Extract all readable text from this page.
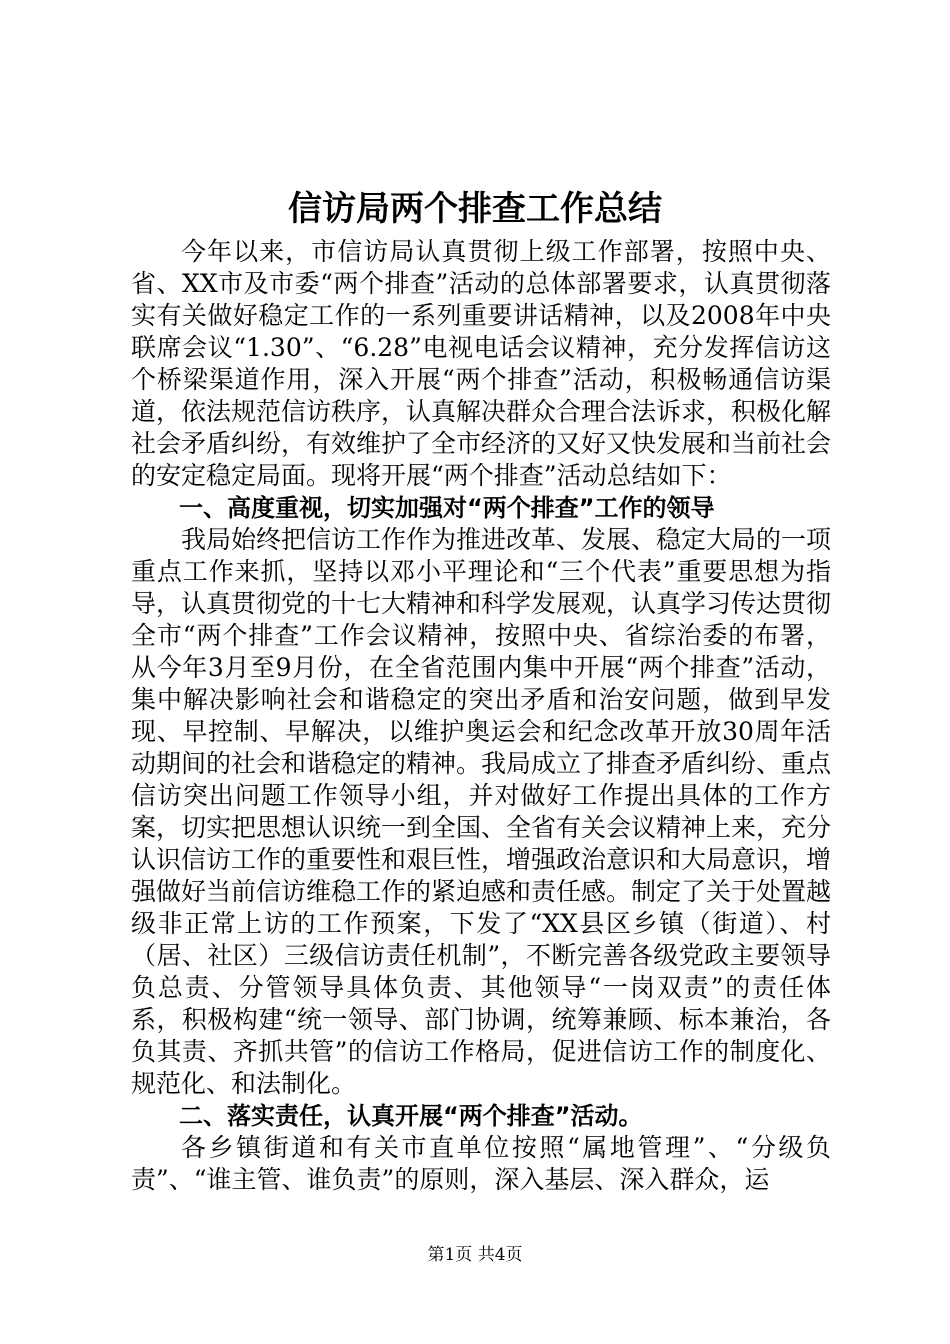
信访局两个排查工作总结

今年以来，市信访局认真贯彻上级工作部署，按照中央、省、XX市及市委“两个排查”活动的总体部署要求，认真贯彻落实有关做好稳定工作的一系列重要讲话精神，以及2008年中央联席会议“1.30”、“6.28”电视电话会议精神，充分发挥信访这个桥梁渠道作用，深入开展“两个排查”活动，积极畅通信访渠道，依法规范信访秩序，认真解决群众合理合法诉求，积极化解社会矛盾纠纷，有效维护了全市经济的又好又快发展和当前社会的安定稳定局面。现将开展“两个排查”活动总结如下：

一、高度重视，切实加强对“两个排查”工作的领导

我局始终把信访工作作为推进改革、发展、稳定大局的一项重点工作来抓，坚持以邓小平理论和“三个代表”重要思想为指导，认真贯彻党的十七大精神和科学发展观，认真学习传达贯彻全市“两个排查”工作会议精神，按照中央、省综治委的布署，从今年3月至9月份，在全省范围内集中开展“两个排查”活动，集中解决影响社会和谐稳定的突出矛盾和治安问题，做到早发现、早控制、早解决，以维护奥运会和纪念改革开放30周年活动期间的社会和谐稳定的精神。我局成立了排查矛盾纠纷、重点信访突出问题工作领导小组，并对做好工作提出具体的工作方案，切实把思想认识统一到全国、全省有关会议精神上来，充分认识信访工作的重要性和艰巨性，增强政治意识和大局意识，增强做好当前信访维稳工作的紧迫感和责任感。制定了关于处置越级非正常上访的工作预案，下发了“XX县区乡镇（街道）、村（居、社区）三级信访责任机制”，不断完善各级党政主要领导负总责、分管领导具体负责、其他领导“一岗双责”的责任体系，积极构建“统一领导、部门协调，统筹兼顾、标本兼治，各负其责、齐抓共管”的信访工作格局，促进信访工作的制度化、规范化、和法制化。

二、落实责任，认真开展“两个排查”活动。

各乡镇街道和有关市直单位按照“属地管理”、“分级负责”、“谁主管、谁负责”的原则，深入基层、深入群众，运

第1页 共4页
